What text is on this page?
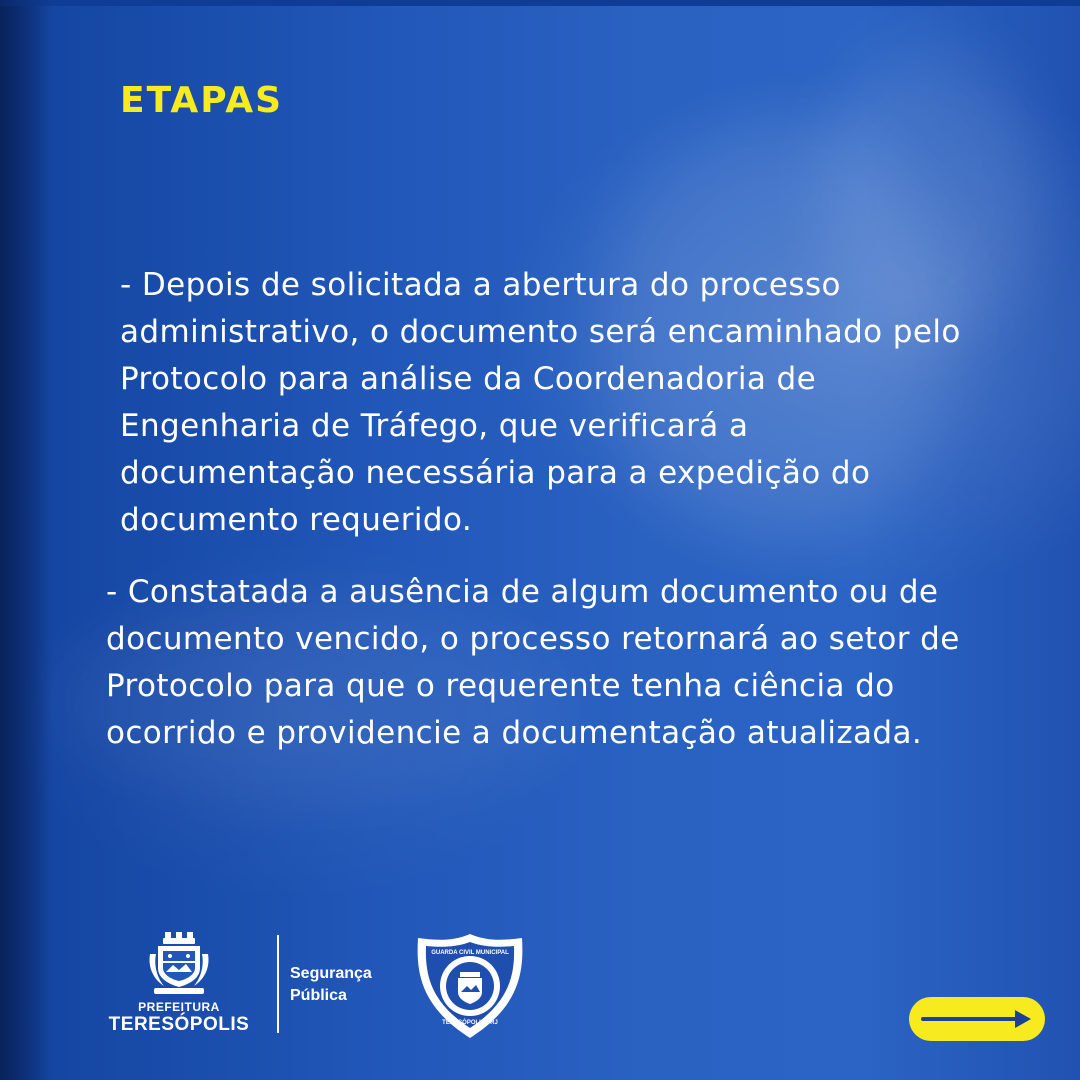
ETAPAS

- Depois de solicitada a abertura do processo administrativo, o documento será encaminhado pelo Protocolo para análise da Coordenadoria de Engenharia de Tráfego, que verificará a documentação necessária para a expedição do documento requerido.

- Constatada a ausência de algum documento ou de documento vencido, o processo retornará ao setor de Protocolo para que o requerente tenha ciência do ocorrido e providencie a documentação atualizada.

PREFEITURA
TERESÓPOLIS

Segurança
Pública

GUARDA CIVIL MUNICIPAL
TERESÓPOLIS - RJ
